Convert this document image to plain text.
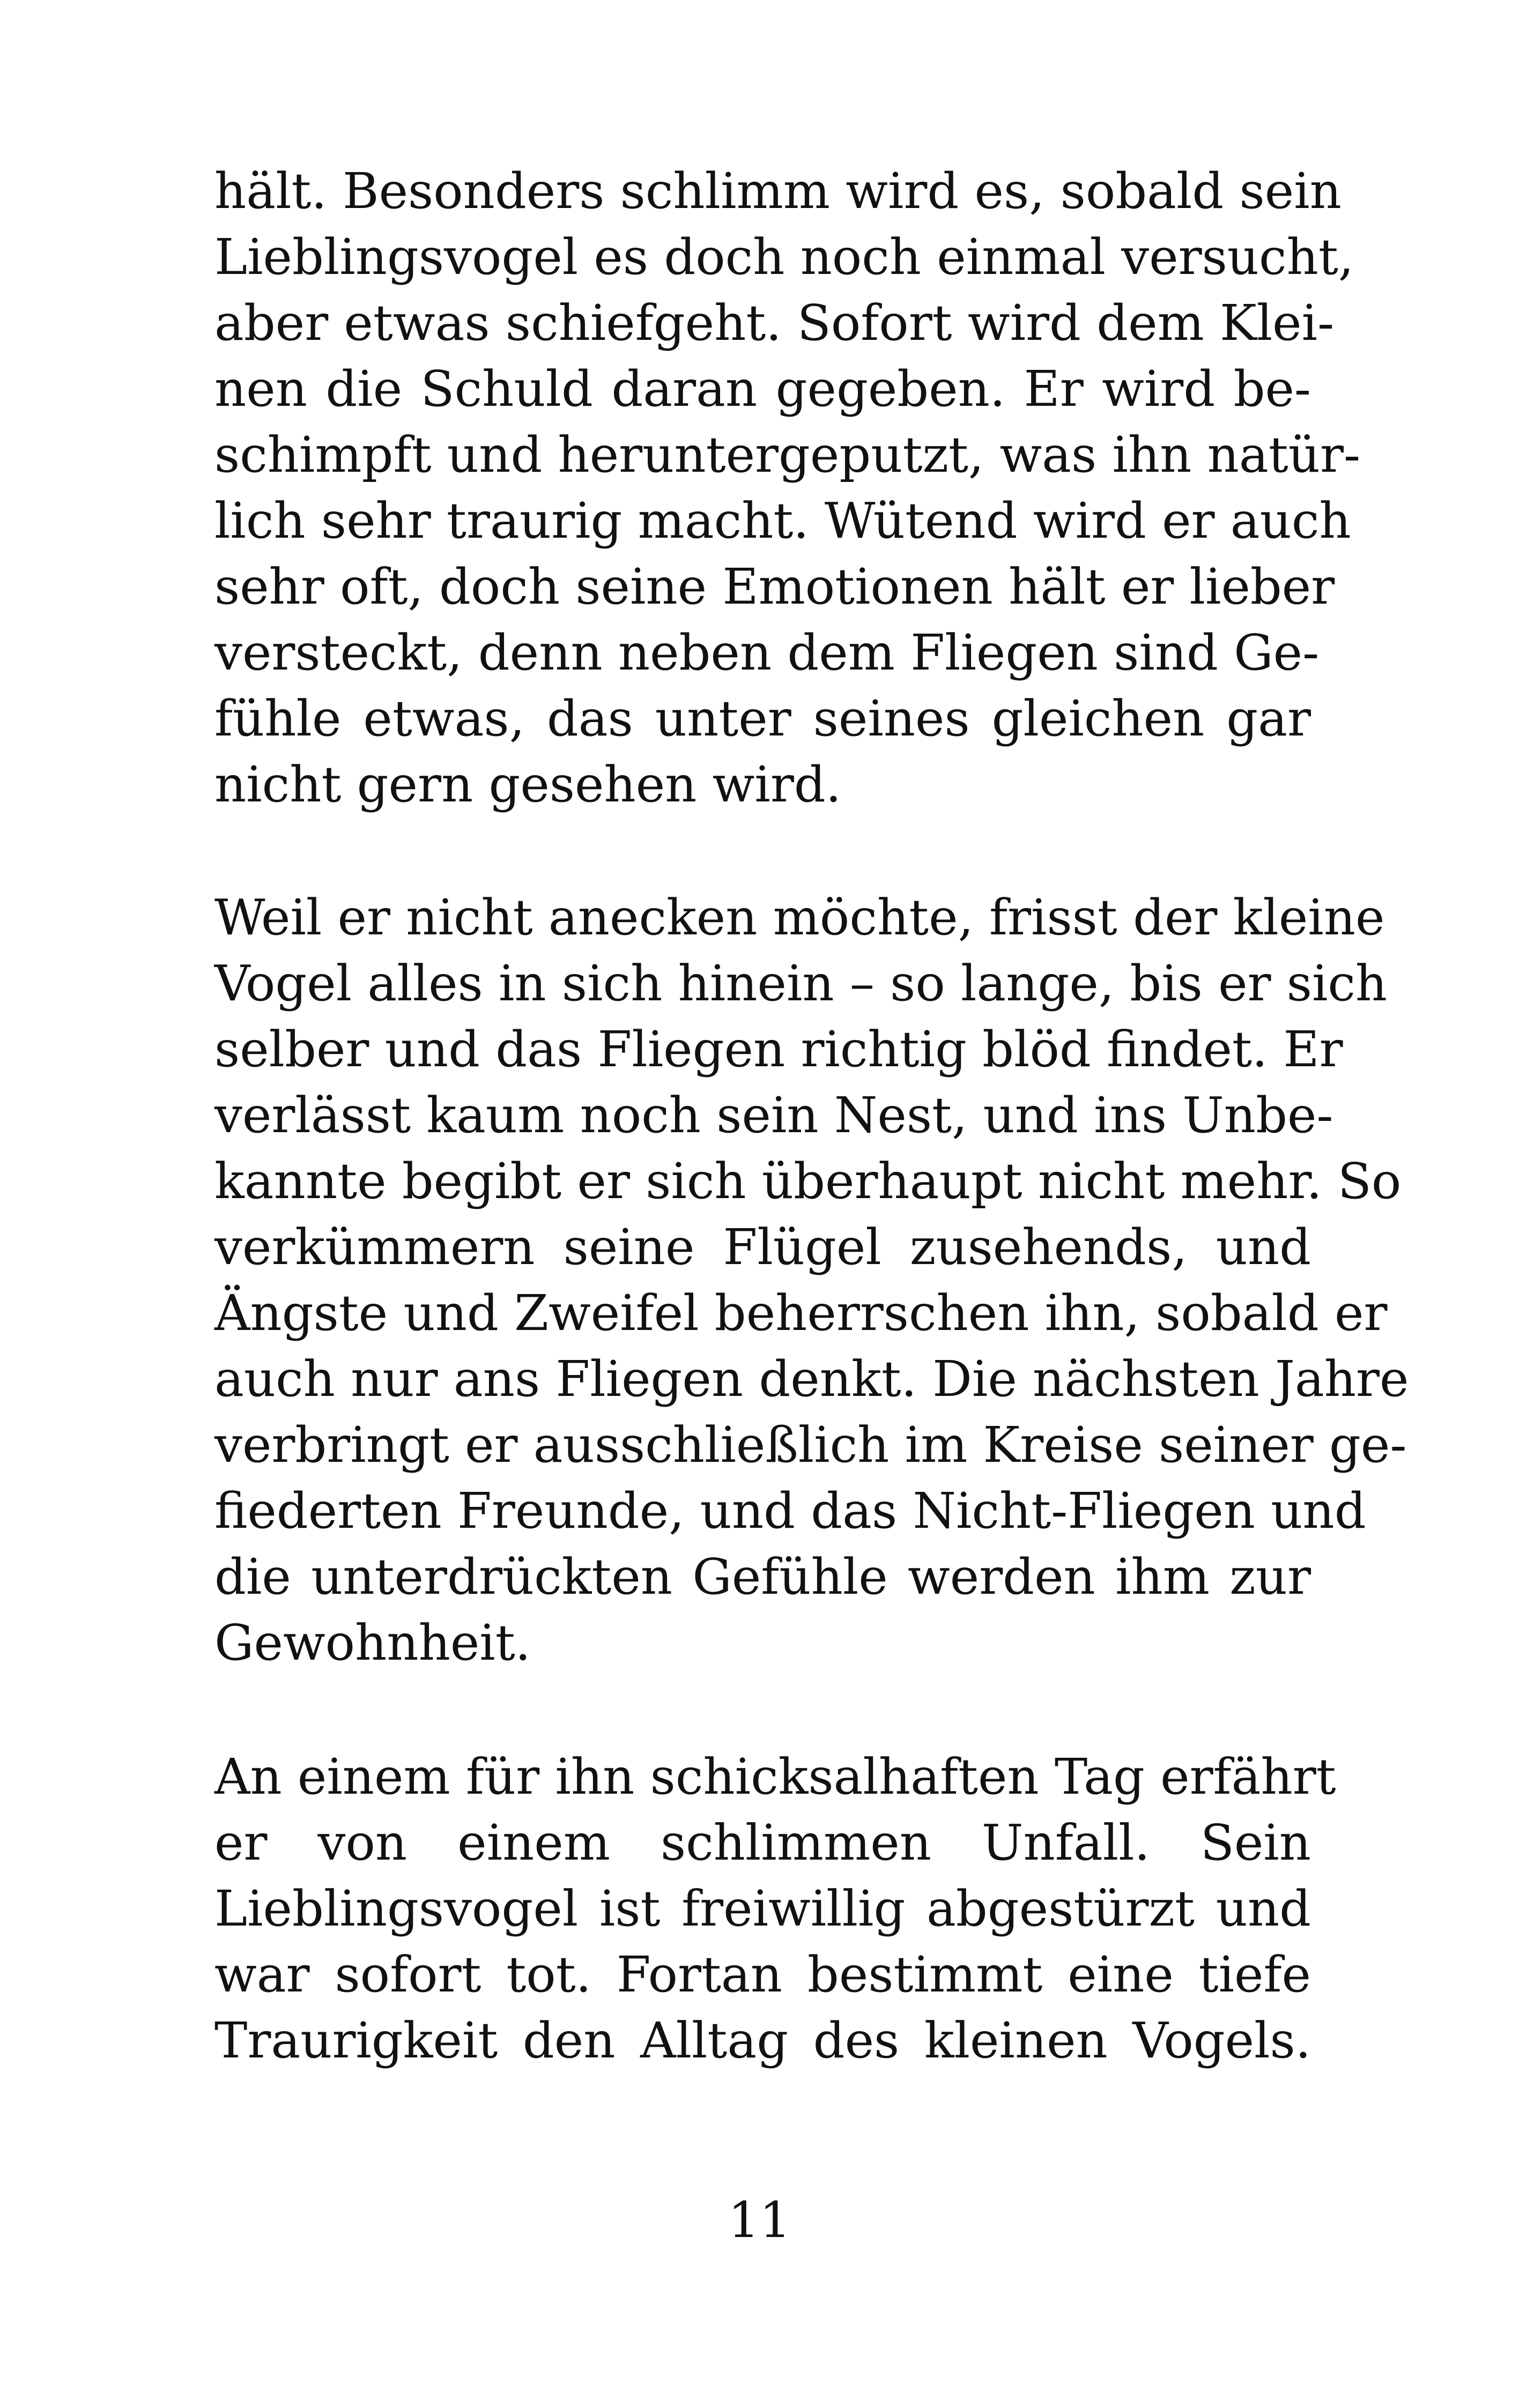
hält. Besonders schlimm wird es, sobald sein
Lieblingsvogel es doch noch einmal versucht,
aber etwas schiefgeht. Sofort wird dem Klei-
nen die Schuld daran gegeben. Er wird be-
schimpft und heruntergeputzt, was ihn natür-
lich sehr traurig macht. Wütend wird er auch
sehr oft, doch seine Emotionen hält er lieber
versteckt, denn neben dem Fliegen sind Ge-
fühle etwas, das unter seines gleichen gar
nicht gern gesehen wird.
Weil er nicht anecken möchte, frisst der kleine
Vogel alles in sich hinein – so lange, bis er sich
selber und das Fliegen richtig blöd findet. Er
verlässt kaum noch sein Nest, und ins Unbe-
kannte begibt er sich überhaupt nicht mehr. So
verkümmern seine Flügel zusehends, und
Ängste und Zweifel beherrschen ihn, sobald er
auch nur ans Fliegen denkt. Die nächsten Jahre
verbringt er ausschließlich im Kreise seiner ge-
fiederten Freunde, und das Nicht-Fliegen und
die unterdrückten Gefühle werden ihm zur
Gewohnheit.
An einem für ihn schicksalhaften Tag erfährt
er von einem schlimmen Unfall. Sein
Lieblingsvogel ist freiwillig abgestürzt und
war sofort tot. Fortan bestimmt eine tiefe
Traurigkeit den Alltag des kleinen Vogels.
11
